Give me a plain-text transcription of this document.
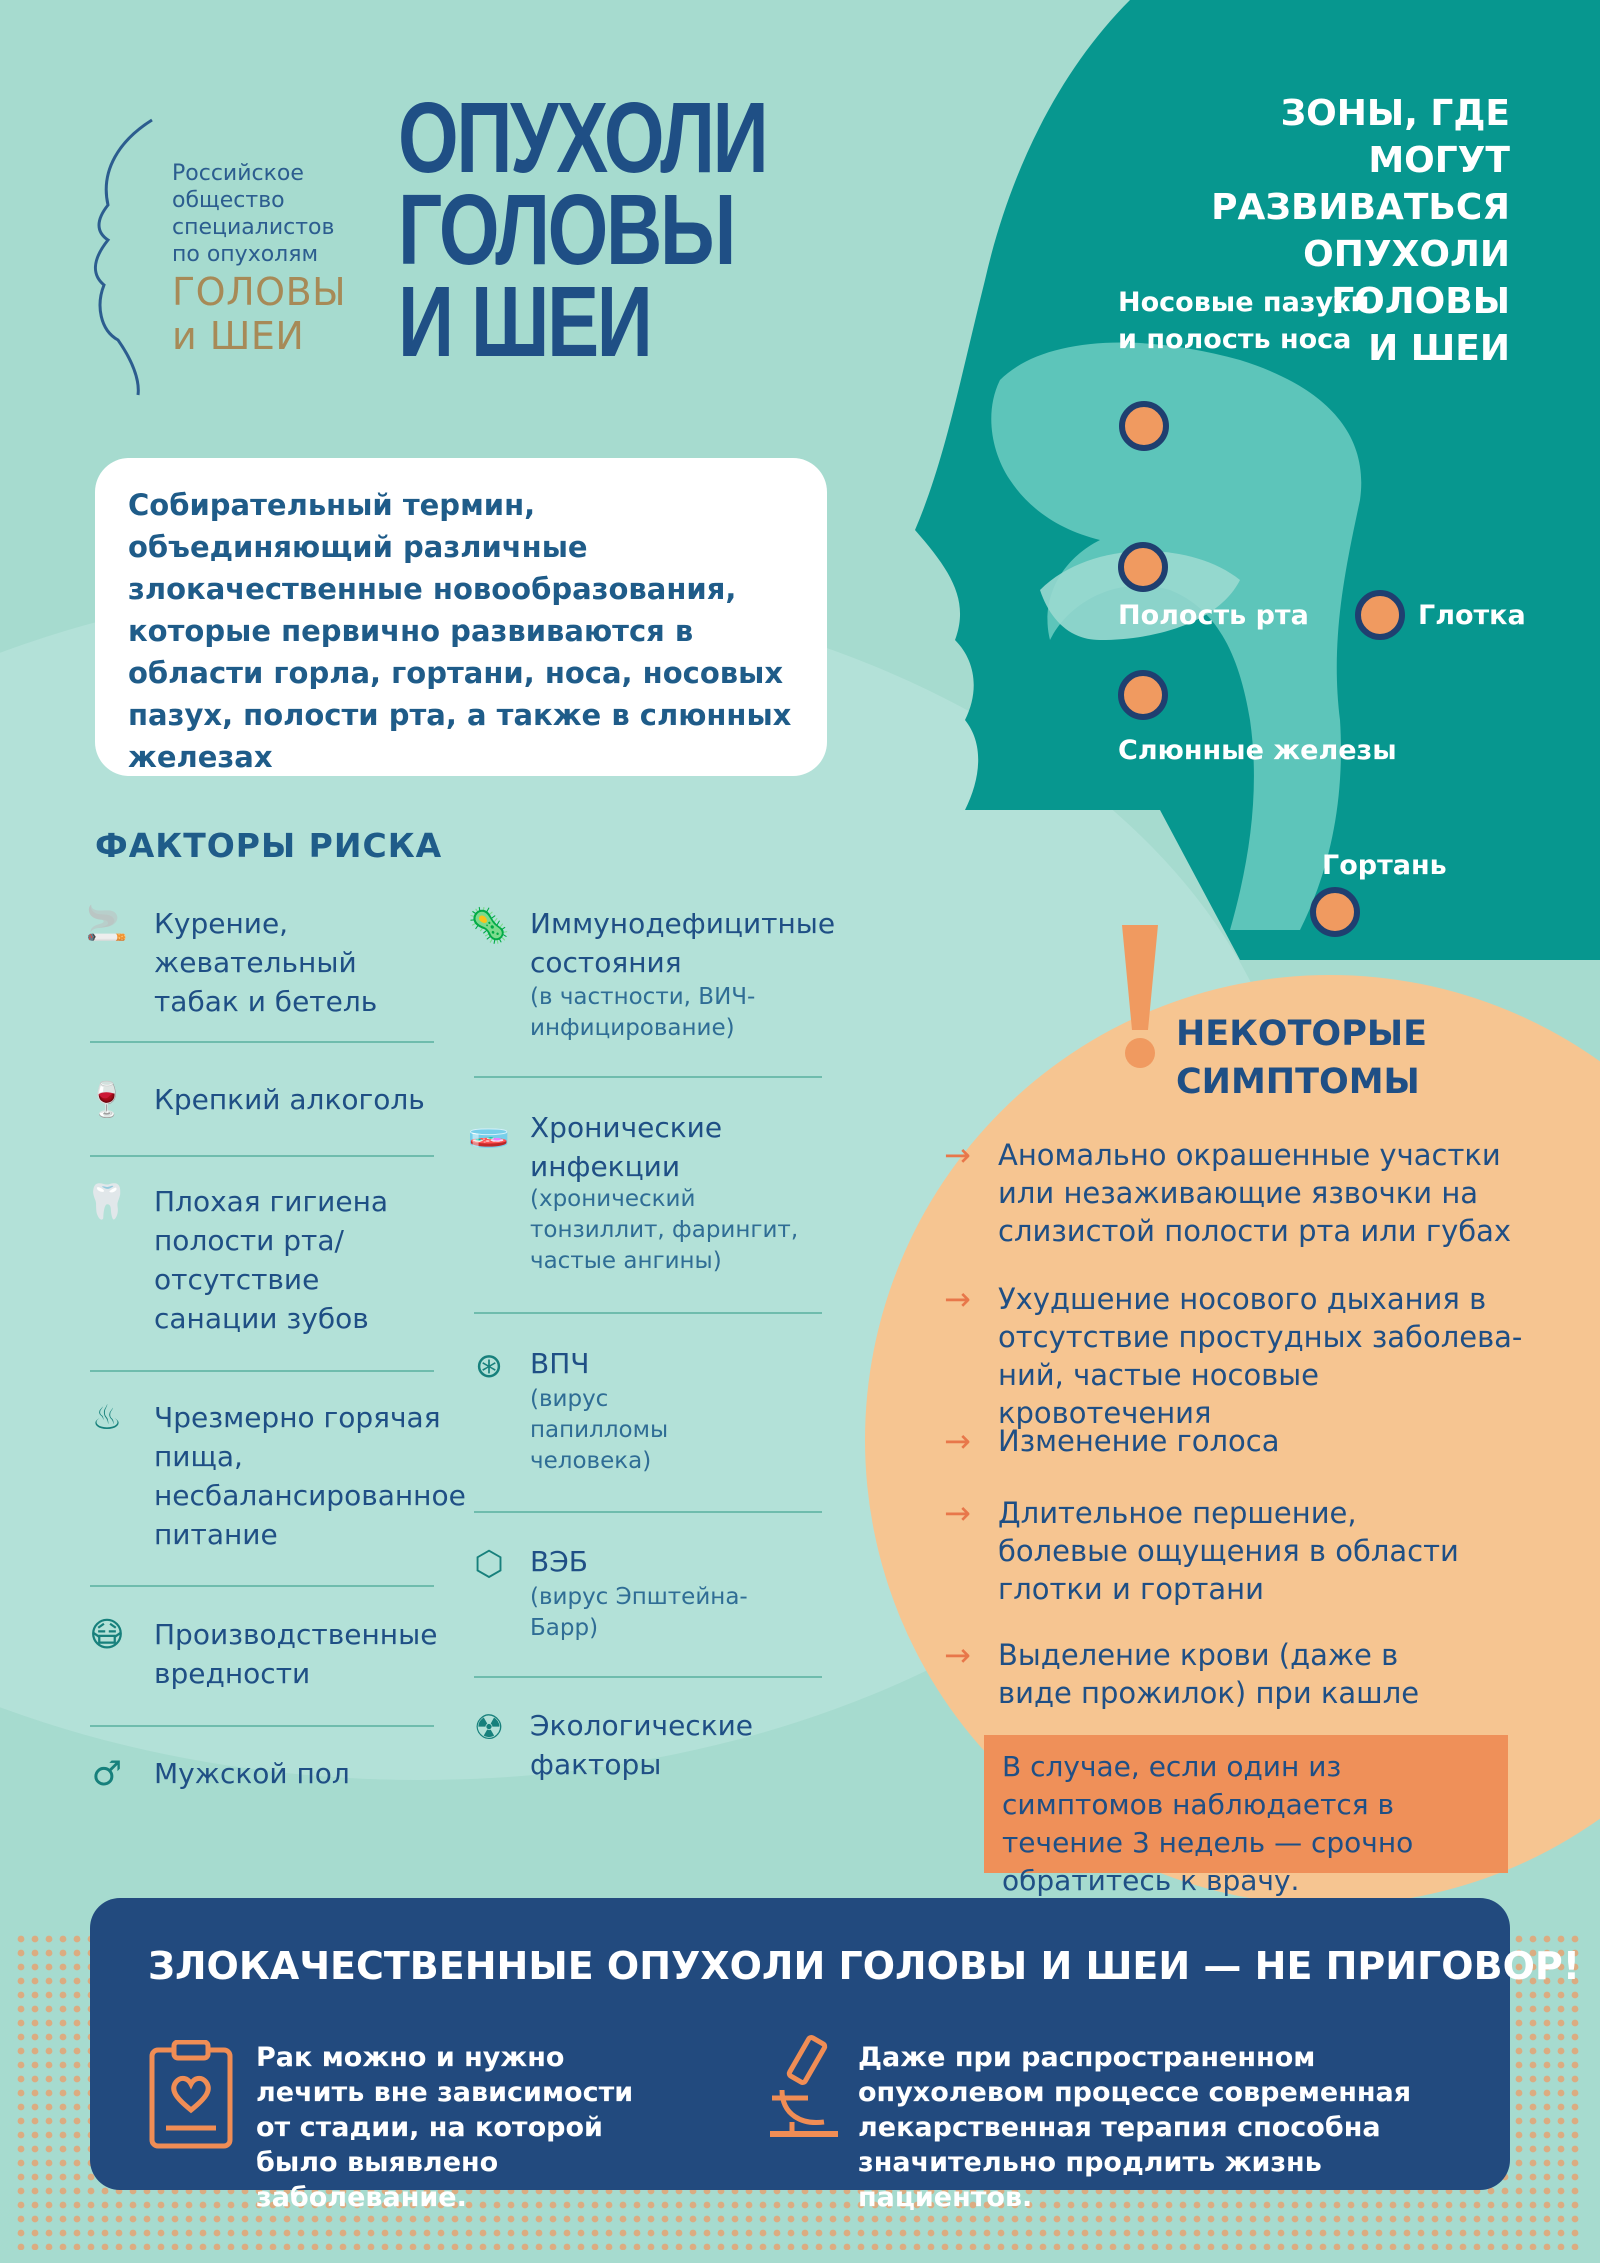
Российское
общество
специалистов
по опухолям
ГОЛОВЫ
и ШЕИ
ОПУХОЛИ
ГОЛОВЫ
И ШЕИ
Собирательный термин, объединяющий различные злокачественные новообразования, которые первично развиваются в области горла, гортани, носа, носовых пазух, полости рта, а также в слюнных железах
ЗОНЫ, ГДЕ МОГУТ
РАЗВИВАТЬСЯ
ОПУХОЛИ ГОЛОВЫ
И ШЕИ
Носовые пазухи
и полость носа
Полость рта	Глотка
Слюнные железы
Гортань
ФАКТОРЫ РИСКА
🚬 Курение, жевательный табак и бетель
🍷 Крепкий алкоголь
🦷 Плохая гигиена полости рта/ отсутствие санации зубов
♨	Чрезмерно горячая пища, несбалансированное питание
😷 Производственные вредности
♂	Мужской пол
🦠 Иммунодефицитные состояния
(в частности, ВИЧ-инфицирование)
🧫 Хронические инфекции
(хронический тонзиллит, фарингит, частые ангины)
⊛ ВПЧ
(вирус папилломы человека)
⬡ ВЭБ
(вирус Эпштейна-Барр)
☢ Экологические факторы
НЕКОТОРЫЕ
СИМПТОМЫ
→ Аномально окрашенные участки или незаживающие язвочки на слизистой полости рта или губах
→ Ухудшение носового дыхания в отсутствие простудных заболева-ний, частые носовые кровотечения
→ Изменение голоса
→ Длительное першение, болевые ощущения в области глотки и гортани
→ Выделение крови (даже в виде прожилок) при кашле
В случае, если один из симптомов наблюдается в течение 3 недель — срочно обратитесь к врачу.
ЗЛОКАЧЕСТВЕННЫЕ ОПУХОЛИ ГОЛОВЫ И ШЕИ — НЕ ПРИГОВОР!
Рак можно и нужно лечить вне зависимости от стадии, на которой было выявлено заболевание.
Даже при распространенном опухолевом процессе современная лекарственная терапия способна значительно продлить жизнь пациентов.
